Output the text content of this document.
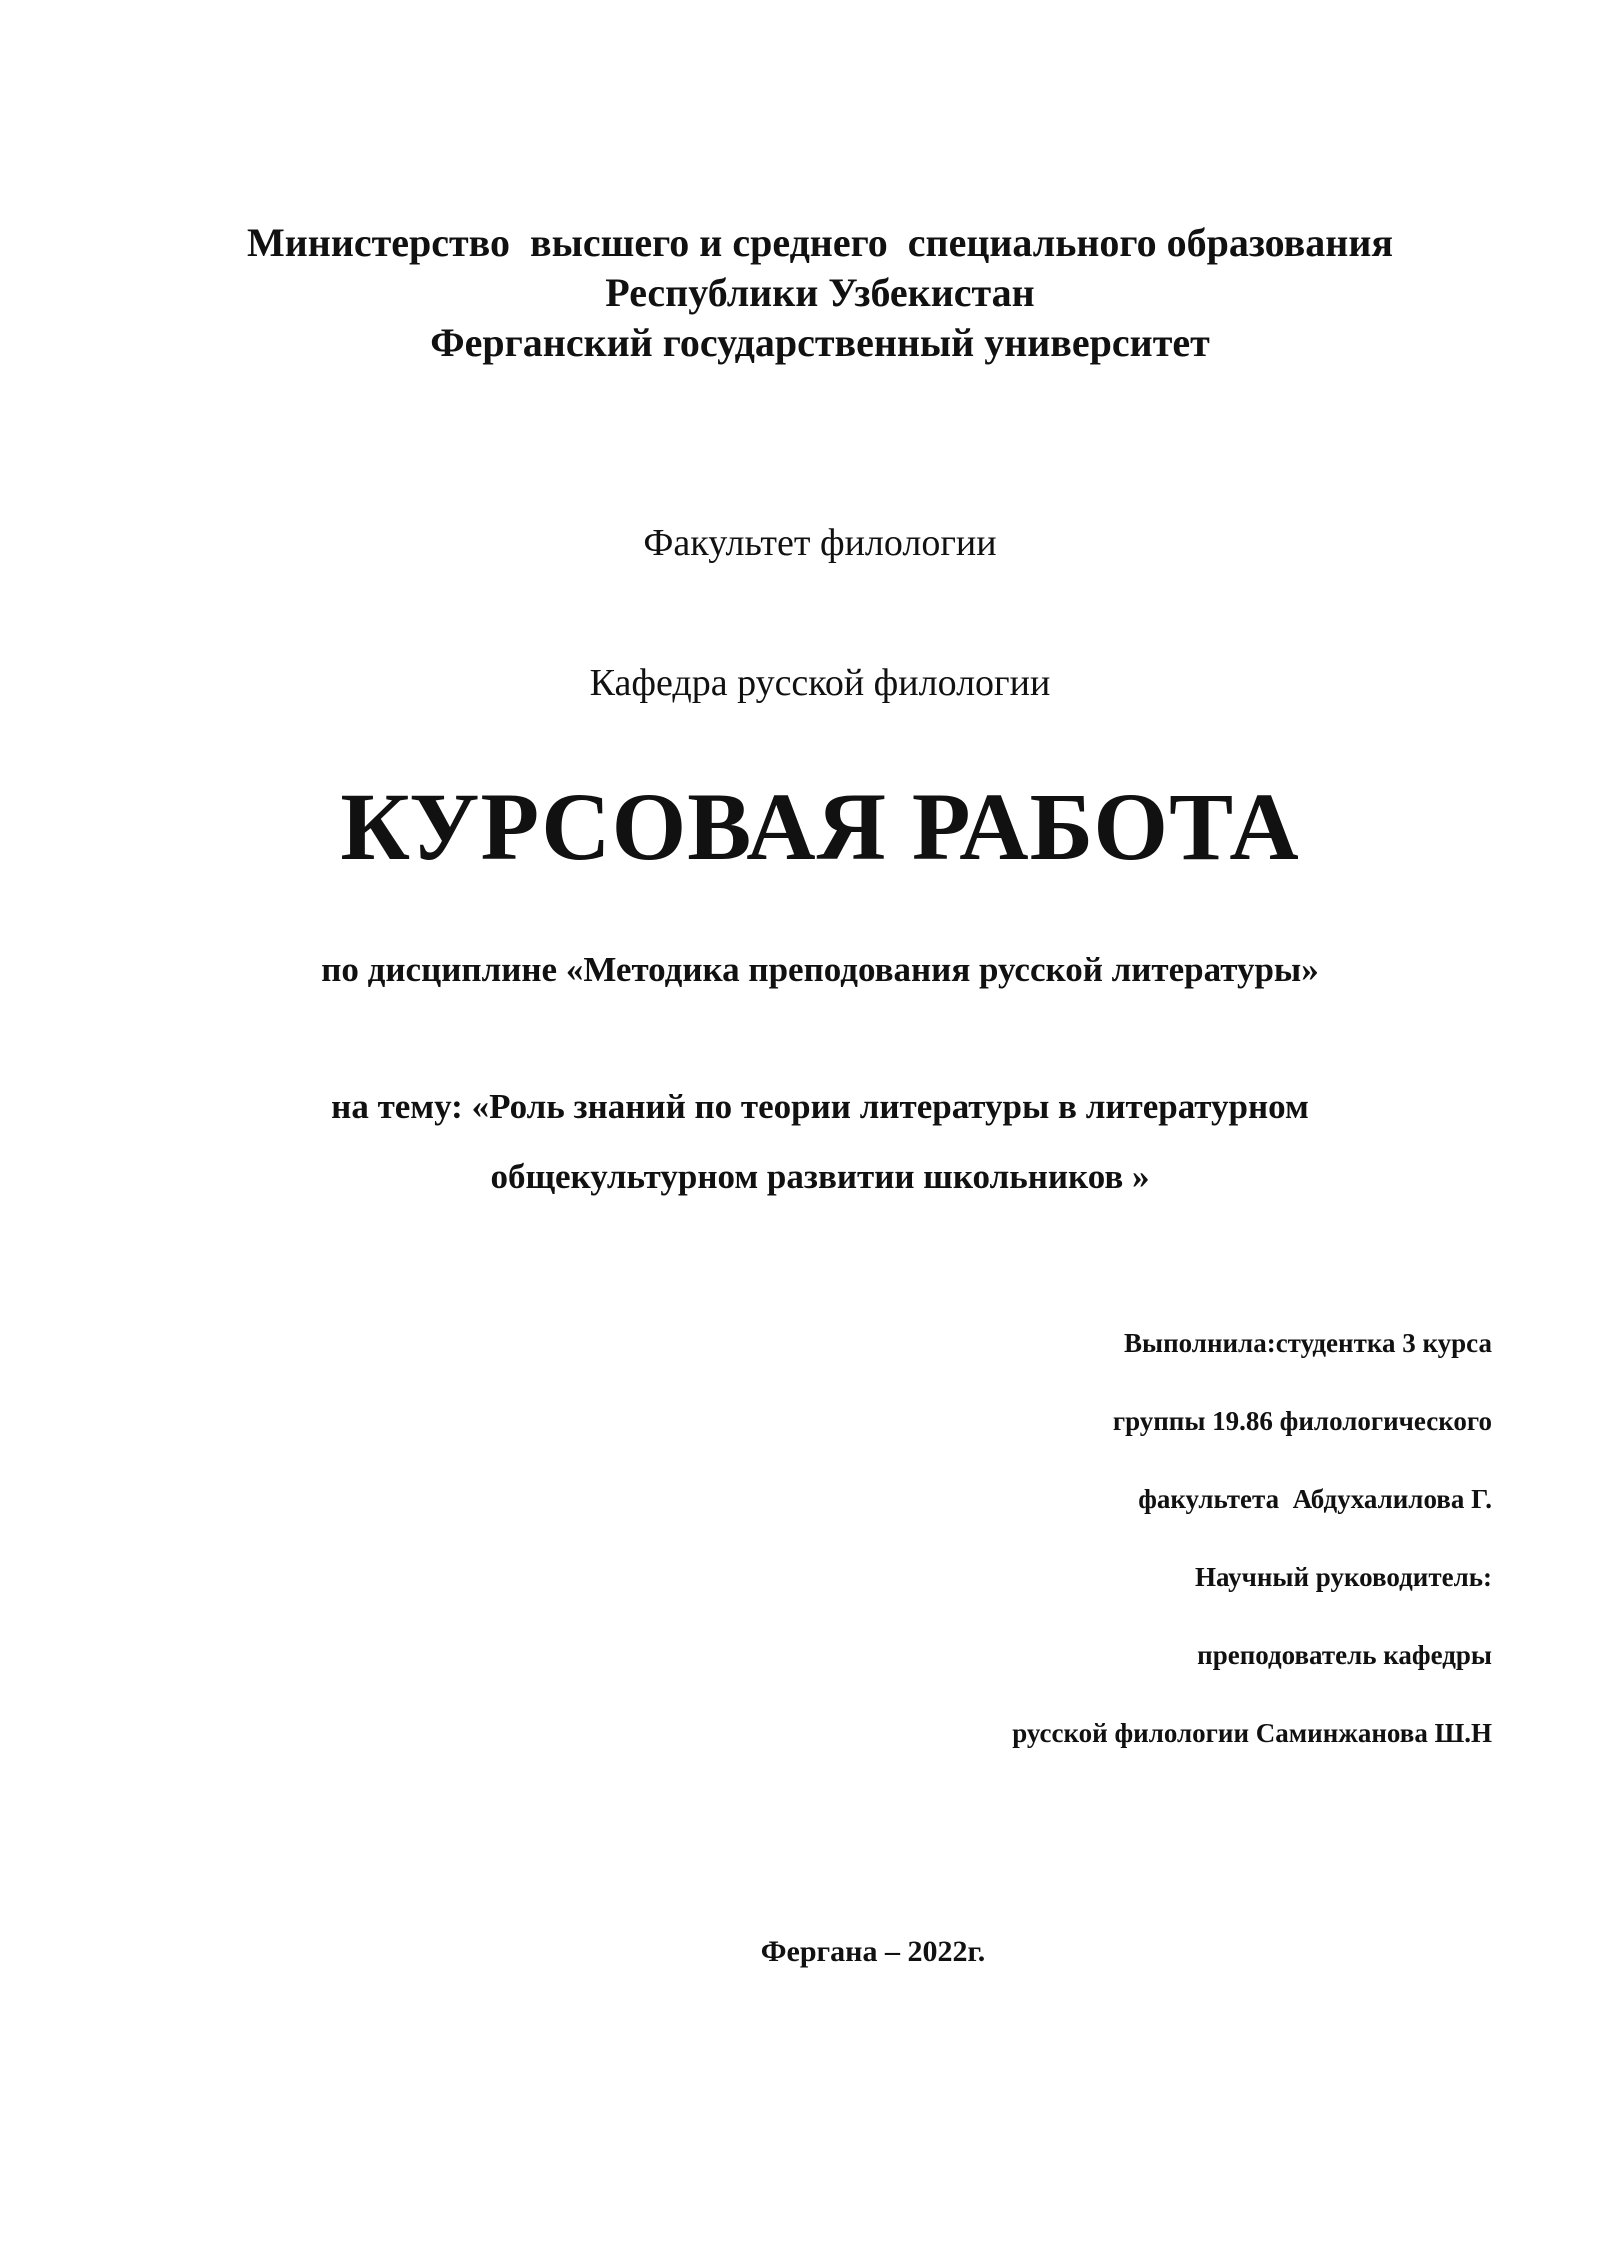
Министерство  высшего и среднего  специального образования
Республики Узбекистан
Ферганский государственный университет
Факультет филологии
Кафедра русской филологии
КУРСОВАЯ РАБОТА
по дисциплине «Методика преподования русской литературы»
на тему: «Роль знаний по теории литературы в литературном
общекультурном развитии школьников »
Выполнила:студентка 3 курса
группы 19.86 филологического
факультета  Абдухалилова Г.
Научный руководитель:
преподователь кафедры
русской филологии Саминжанова Ш.Н
Фергана – 2022г.
